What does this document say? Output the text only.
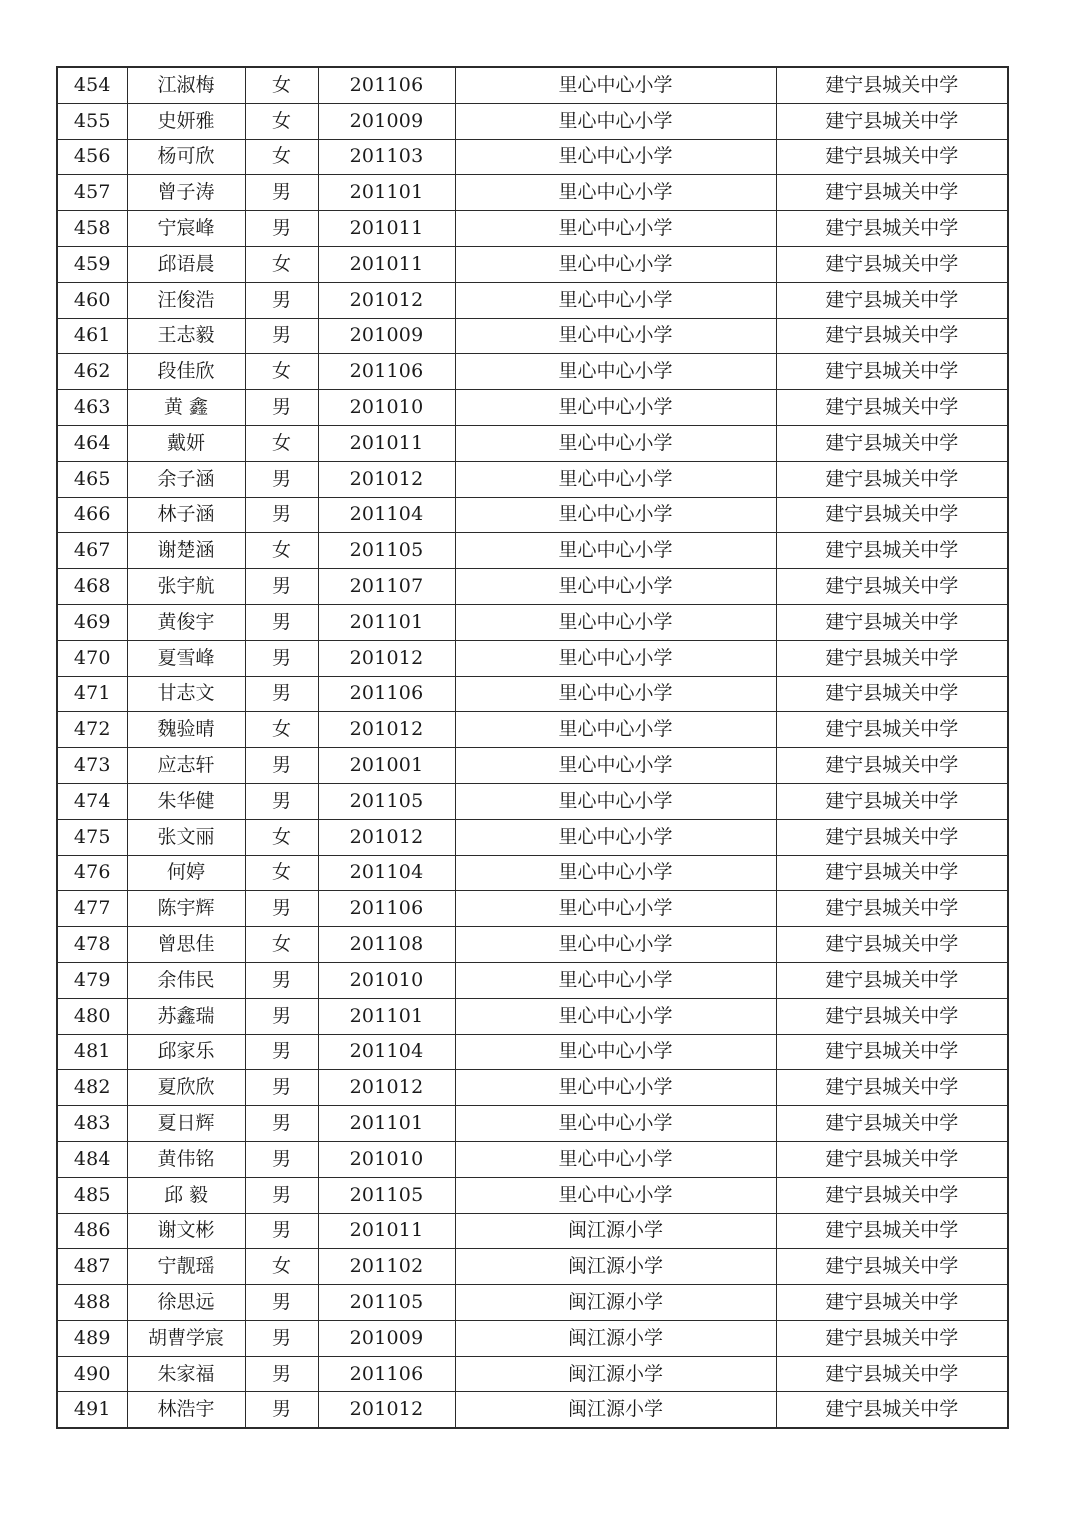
454	江淑梅	女	201106	里心中心小学	建宁县城关中学
455	史妍雅	女	201009	里心中心小学	建宁县城关中学
456	杨可欣	女	201103	里心中心小学	建宁县城关中学
457	曾子涛	男	201101	里心中心小学	建宁县城关中学
458	宁宸峰	男	201011	里心中心小学	建宁县城关中学
459	邱语晨	女	201011	里心中心小学	建宁县城关中学
460	汪俊浩	男	201012	里心中心小学	建宁县城关中学
461	王志毅	男	201009	里心中心小学	建宁县城关中学
462	段佳欣	女	201106	里心中心小学	建宁县城关中学
463	黄 鑫	男	201010	里心中心小学	建宁县城关中学
464	戴妍	女	201011	里心中心小学	建宁县城关中学
465	余子涵	男	201012	里心中心小学	建宁县城关中学
466	林子涵	男	201104	里心中心小学	建宁县城关中学
467	谢楚涵	女	201105	里心中心小学	建宁县城关中学
468	张宇航	男	201107	里心中心小学	建宁县城关中学
469	黄俊宇	男	201101	里心中心小学	建宁县城关中学
470	夏雪峰	男	201012	里心中心小学	建宁县城关中学
471	甘志文	男	201106	里心中心小学	建宁县城关中学
472	魏验晴	女	201012	里心中心小学	建宁县城关中学
473	应志轩	男	201001	里心中心小学	建宁县城关中学
474	朱华健	男	201105	里心中心小学	建宁县城关中学
475	张文丽	女	201012	里心中心小学	建宁县城关中学
476	何婷	女	201104	里心中心小学	建宁县城关中学
477	陈宇辉	男	201106	里心中心小学	建宁县城关中学
478	曾思佳	女	201108	里心中心小学	建宁县城关中学
479	余伟民	男	201010	里心中心小学	建宁县城关中学
480	苏鑫瑞	男	201101	里心中心小学	建宁县城关中学
481	邱家乐	男	201104	里心中心小学	建宁县城关中学
482	夏欣欣	男	201012	里心中心小学	建宁县城关中学
483	夏日辉	男	201101	里心中心小学	建宁县城关中学
484	黄伟铭	男	201010	里心中心小学	建宁县城关中学
485	邱 毅	男	201105	里心中心小学	建宁县城关中学
486	谢文彬	男	201011	闽江源小学	建宁县城关中学
487	宁靓瑶	女	201102	闽江源小学	建宁县城关中学
488	徐思远	男	201105	闽江源小学	建宁县城关中学
489	胡曹学宸	男	201009	闽江源小学	建宁县城关中学
490	朱家福	男	201106	闽江源小学	建宁县城关中学
491	林浩宇	男	201012	闽江源小学	建宁县城关中学
